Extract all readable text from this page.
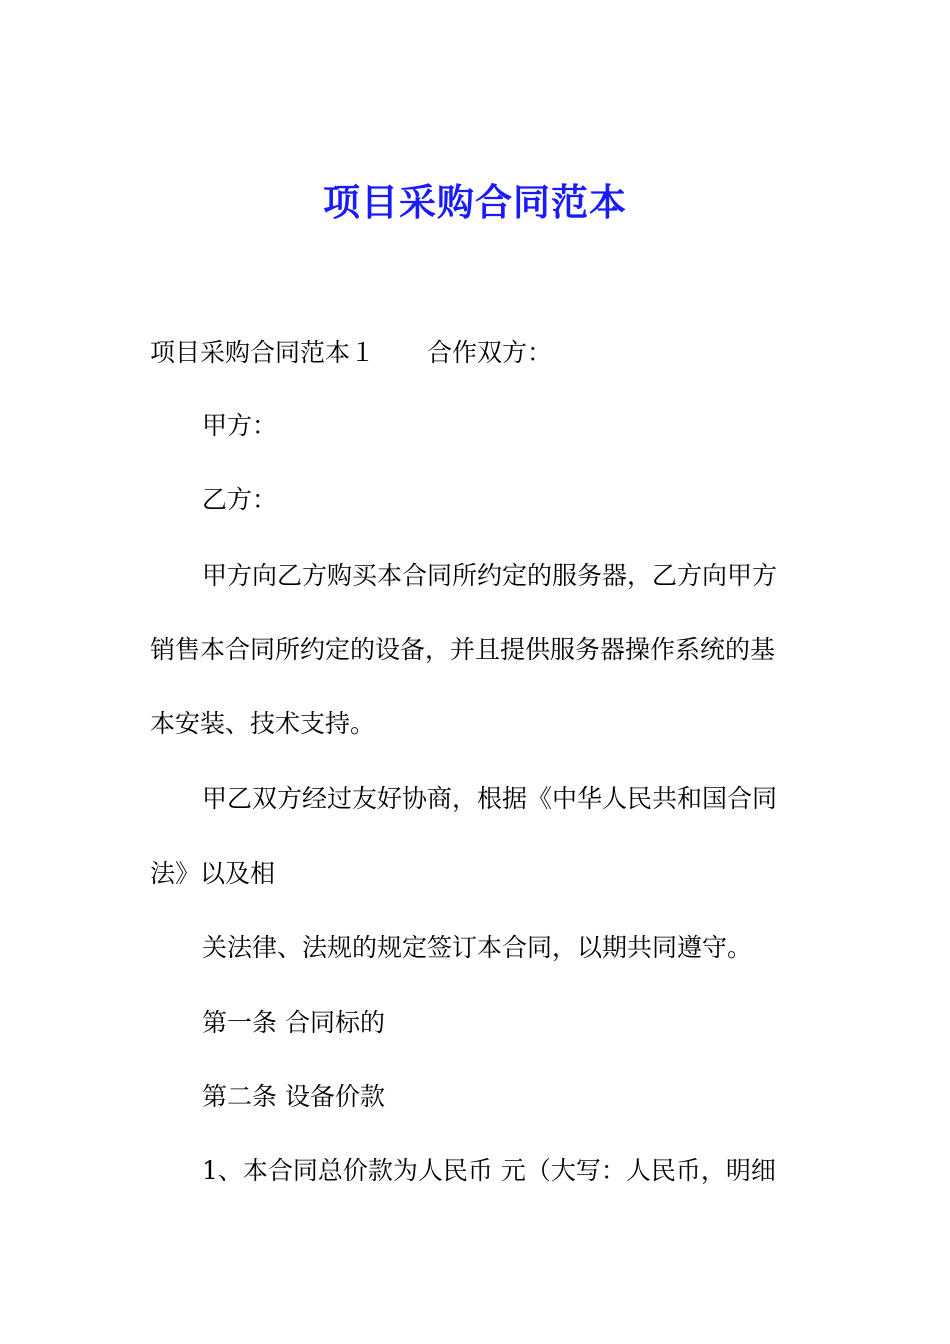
项目采购合同范本
项目采购合同范本１ 合作双方：
甲方：
乙方：
甲方向乙方购买本合同所约定的服务器，乙方向甲方
销售本合同所约定的设备，并且提供服务器操作系统的基
本安装、技术支持。
甲乙双方经过友好协商，根据《中华人民共和国合同
法》以及相
关法律、法规的规定签订本合同，以期共同遵守。
第一条 合同标的
第二条 设备价款
1、本合同总价款为人民币 元（大写：人民币，明细
